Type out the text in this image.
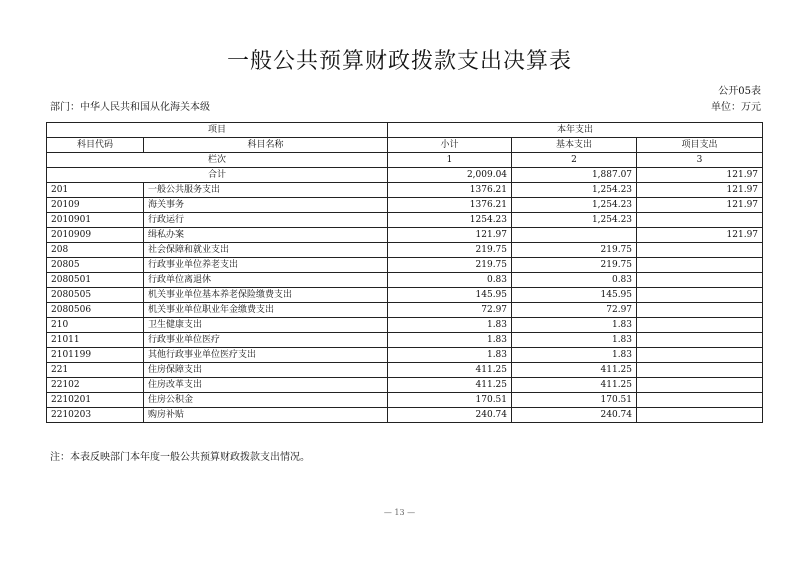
一般公共预算财政拨款支出决算表
公开05表
部门：中华人民共和国从化海关本级	单位：万元
项目		本年支出		
科目代码	科目名称	小计	基本支出	项目支出
栏次		1	2	3
合计		2,009.04	1,887.07	121.97
201	一般公共服务支出	1376.21	1,254.23	121.97
20109	海关事务	1376.21	1,254.23	121.97
2010901	行政运行	1254.23	1,254.23	
2010909	缉私办案	121.97		121.97
208	社会保障和就业支出	219.75	219.75	
20805	行政事业单位养老支出	219.75	219.75	
2080501	行政单位离退休	0.83	0.83	
2080505	机关事业单位基本养老保险缴费支出	145.95	145.95	
2080506	机关事业单位职业年金缴费支出	72.97	72.97	
210	卫生健康支出	1.83	1.83	
21011	行政事业单位医疗	1.83	1.83	
2101199	其他行政事业单位医疗支出	1.83	1.83	
221	住房保障支出	411.25	411.25	
22102	住房改革支出	411.25	411.25	
2210201	住房公积金	170.51	170.51	
2210203	购房补贴	240.74	240.74	
注：本表反映部门本年度一般公共预算财政拨款支出情况。
— 13 —
